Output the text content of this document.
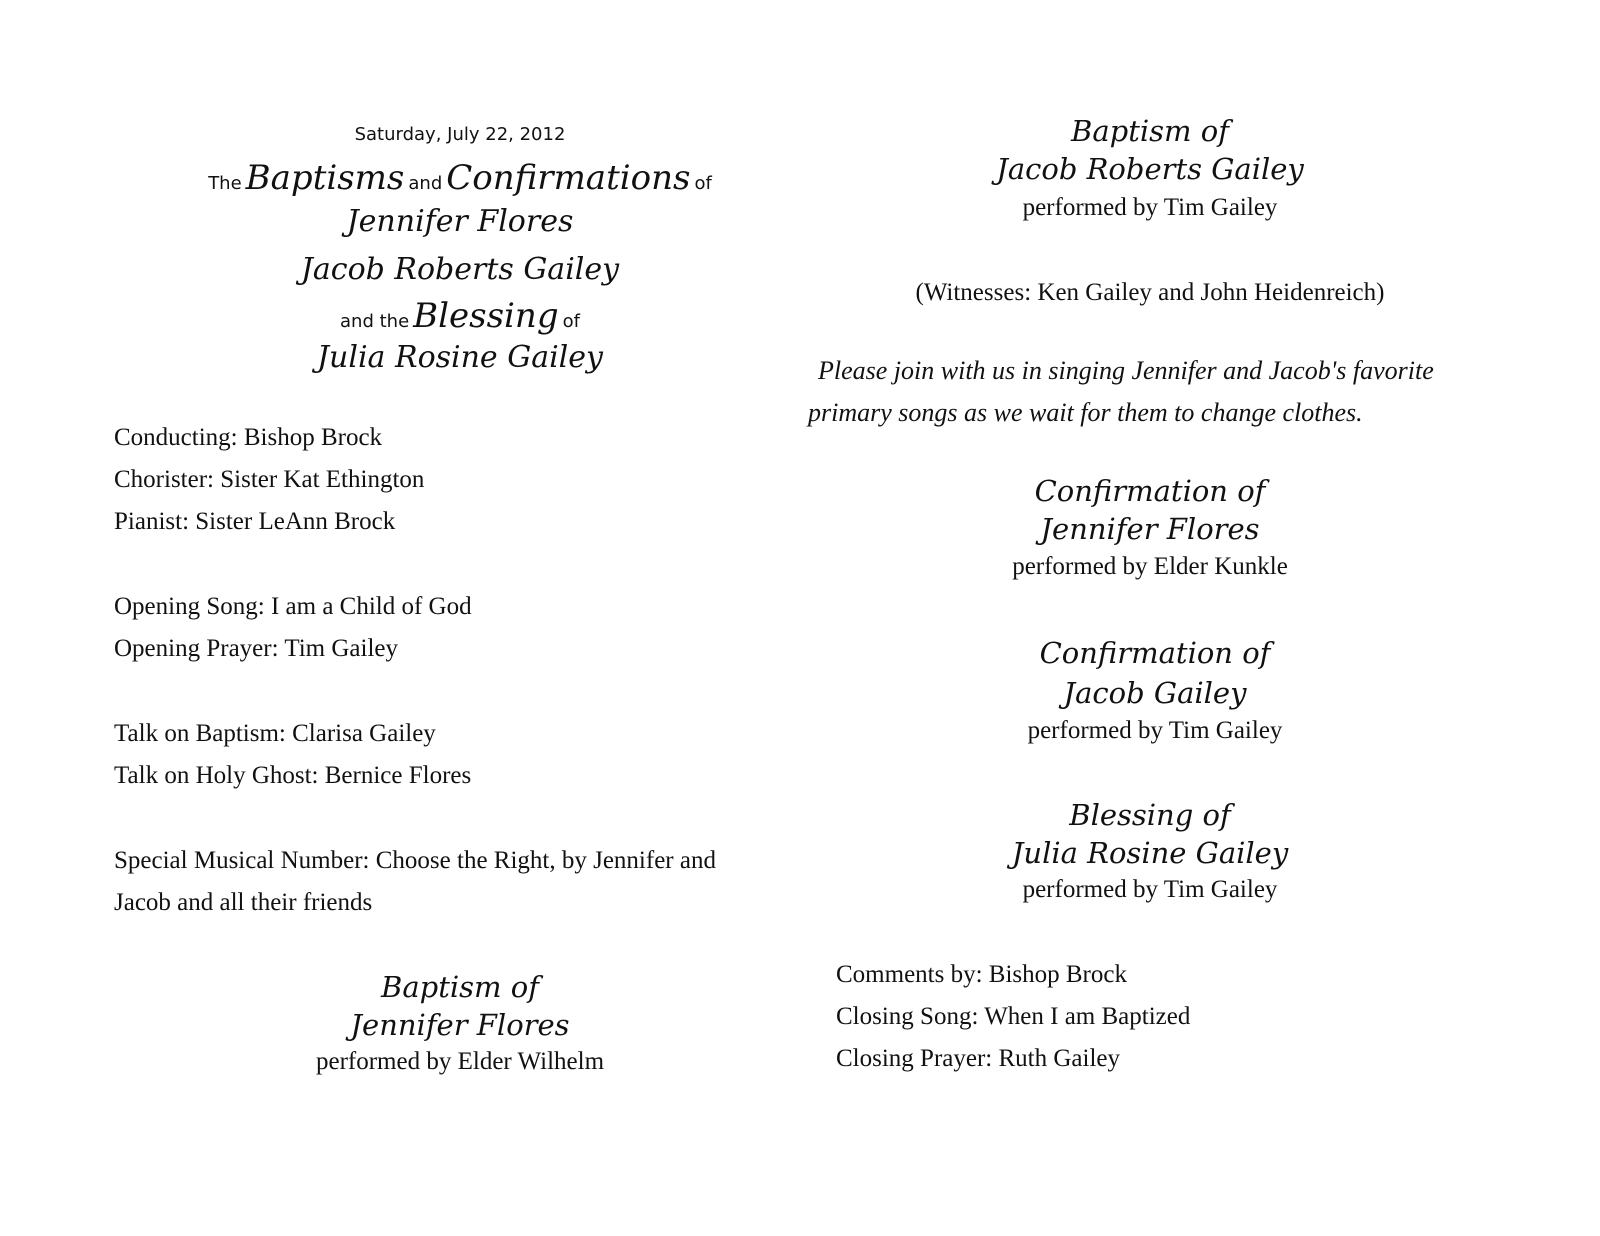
Saturday, July 22, 2012
The Baptisms and Confirmations of
Jennifer Flores
Jacob Roberts Gailey
and the Blessing of
Julia Rosine Gailey
Conducting: Bishop Brock
Chorister: Sister Kat Ethington
Pianist: Sister LeAnn Brock
Opening Song: I am a Child of God
Opening Prayer: Tim Gailey
Talk on Baptism: Clarisa Gailey
Talk on Holy Ghost: Bernice Flores
Special Musical Number: Choose the Right, by Jennifer and
Jacob and all their friends
Baptism of
Jennifer Flores
performed by Elder Wilhelm
Baptism of
Jacob Roberts Gailey
performed by Tim Gailey
(Witnesses: Ken Gailey and John Heidenreich)
Please join with us in singing Jennifer and Jacob's favorite
primary songs as we wait for them to change clothes.
Confirmation of
Jennifer Flores
performed by Elder Kunkle
Confirmation of
Jacob Gailey
performed by Tim Gailey
Blessing of
Julia Rosine Gailey
performed by Tim Gailey
Comments by: Bishop Brock
Closing Song: When I am Baptized
Closing Prayer: Ruth Gailey
